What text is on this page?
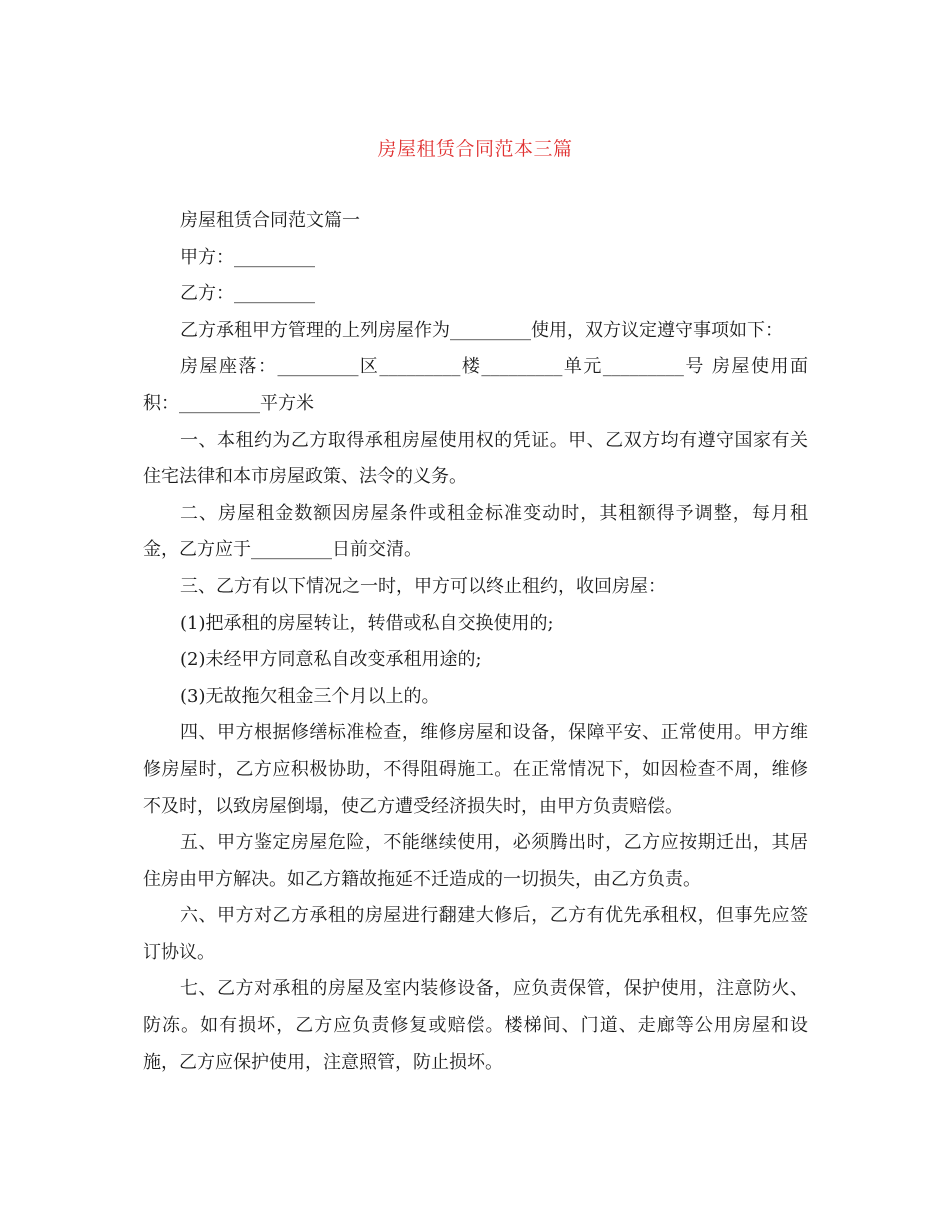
房屋租赁合同范本三篇

房屋租赁合同范文篇一

甲方：_________

乙方：_________

乙方承租甲方管理的上列房屋作为_________使用，双方议定遵守事项如下：

房屋座落：_________区_________楼_________单元_________号 房屋使用面积：_________平方米

一、本租约为乙方取得承租房屋使用权的凭证。甲、乙双方均有遵守国家有关住宅法律和本市房屋政策、法令的义务。

二、房屋租金数额因房屋条件或租金标准变动时，其租额得予调整，每月租金，乙方应于_________日前交清。

三、乙方有以下情况之一时，甲方可以终止租约，收回房屋：

(1)把承租的房屋转让，转借或私自交换使用的;

(2)未经甲方同意私自改变承租用途的;

(3)无故拖欠租金三个月以上的。

四、甲方根据修缮标准检查，维修房屋和设备，保障平安、正常使用。甲方维修房屋时，乙方应积极协助，不得阻碍施工。在正常情况下，如因检查不周，维修不及时，以致房屋倒塌，使乙方遭受经济损失时，由甲方负责赔偿。

五、甲方鉴定房屋危险，不能继续使用，必须腾出时，乙方应按期迁出，其居住房由甲方解决。如乙方籍故拖延不迁造成的一切损失，由乙方负责。

六、甲方对乙方承租的房屋进行翻建大修后，乙方有优先承租权，但事先应签订协议。

七、乙方对承租的房屋及室内装修设备，应负责保管，保护使用，注意防火、防冻。如有损坏，乙方应负责修复或赔偿。楼梯间、门道、走廊等公用房屋和设施，乙方应保护使用，注意照管，防止损坏。
